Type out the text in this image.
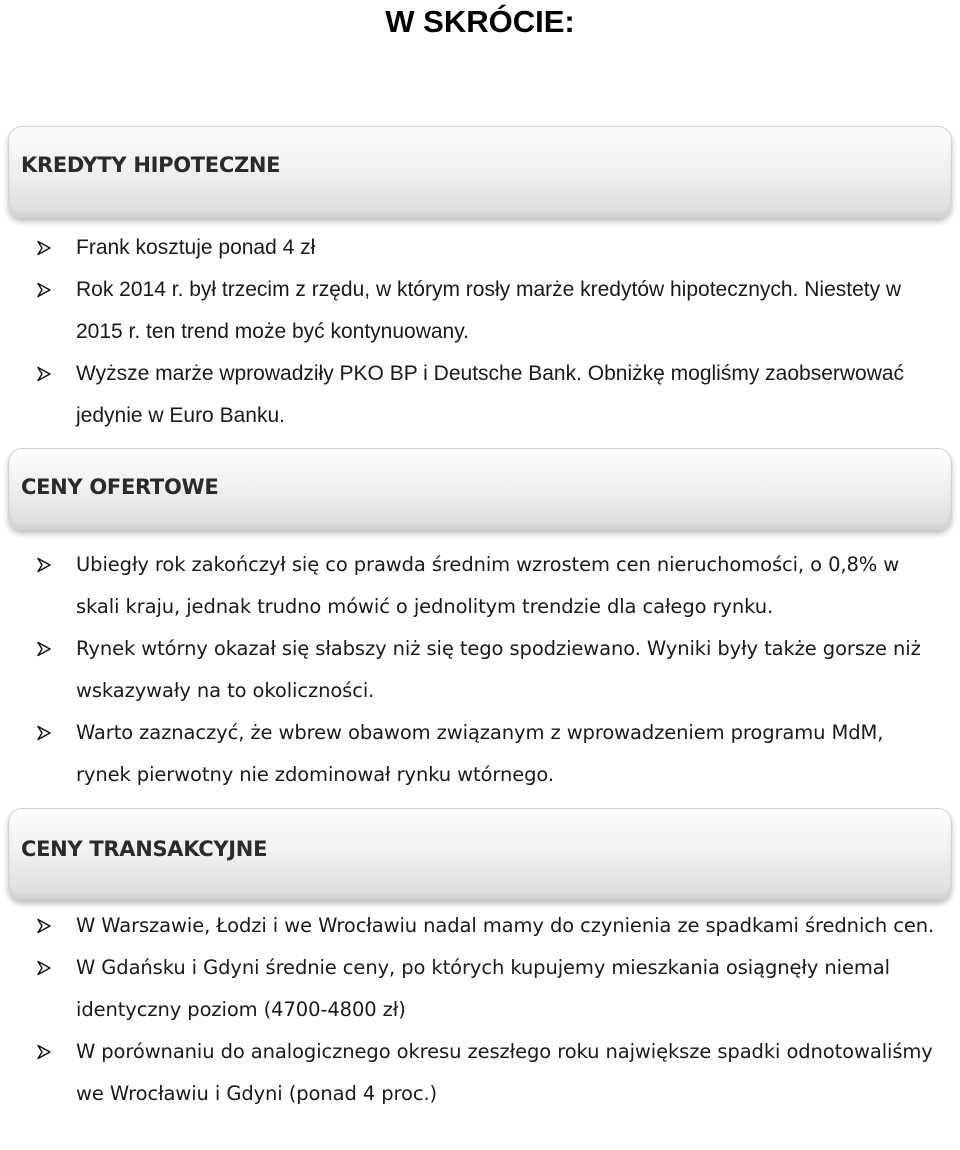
W SKRÓCIE:
KREDYTY HIPOTECZNE
Frank kosztuje ponad 4 zł
Rok 2014 r. był trzecim z rzędu, w którym rosły marże kredytów hipotecznych. Niestety w 2015 r. ten trend może być kontynuowany.
Wyższe marże wprowadziły PKO BP i Deutsche Bank. Obniżkę mogliśmy zaobserwować jedynie w Euro Banku.
CENY OFERTOWE
Ubiegły rok zakończył się co prawda średnim wzrostem cen nieruchomości, o 0,8% w skali kraju, jednak trudno mówić o jednolitym trendzie dla całego rynku.
Rynek wtórny okazał się słabszy niż się tego spodziewano. Wyniki były także gorsze niż wskazywały na to okoliczności.
Warto zaznaczyć, że wbrew obawom związanym z wprowadzeniem programu MdM, rynek pierwotny nie zdominował rynku wtórnego.
CENY TRANSAKCYJNE
W Warszawie, Łodzi i we Wrocławiu nadal mamy do czynienia ze spadkami średnich cen.
W Gdańsku i Gdyni średnie ceny, po których kupujemy mieszkania osiągnęły niemal identyczny poziom (4700-4800 zł)
W porównaniu do analogicznego okresu zeszłego roku największe spadki odnotowaliśmy we Wrocławiu i Gdyni (ponad 4 proc.)
